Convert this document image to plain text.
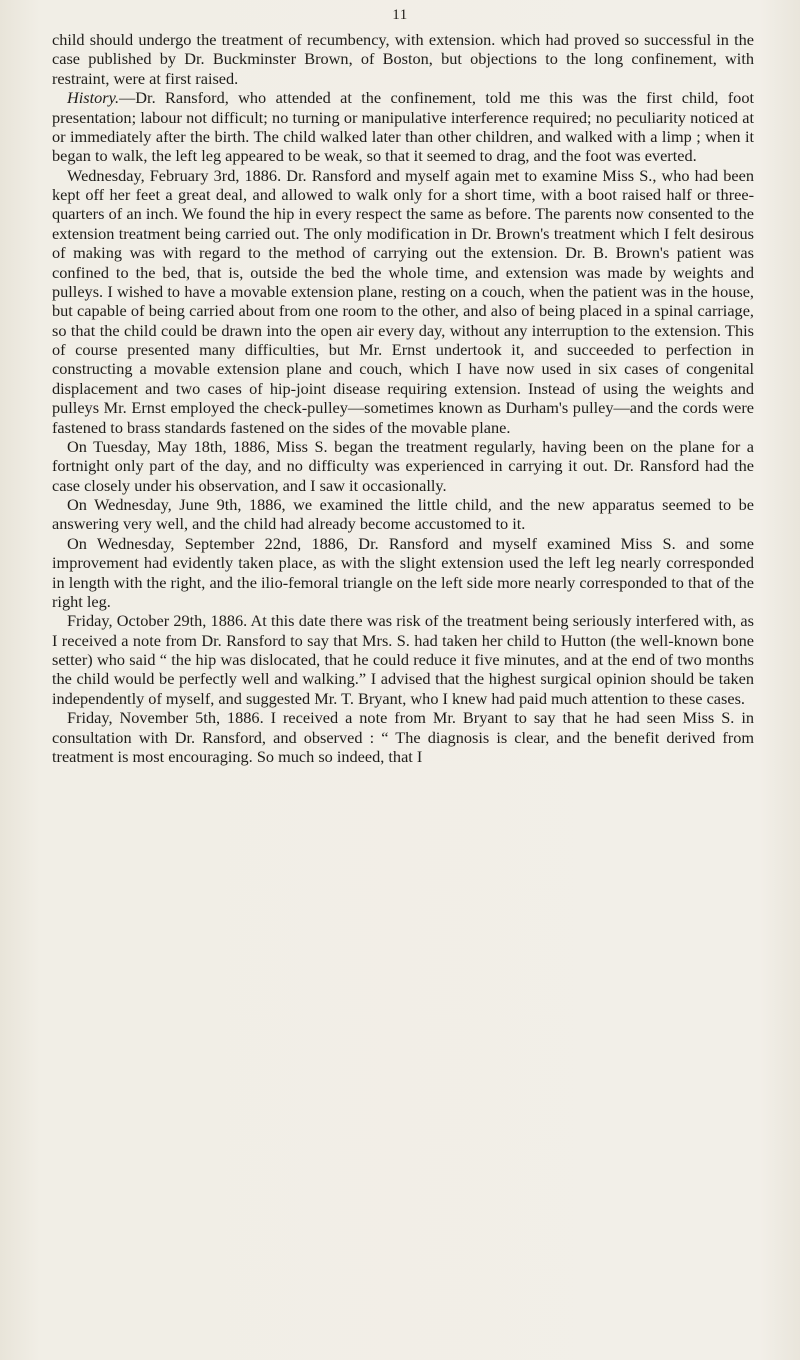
11

child should undergo the treatment of recumbency, with extension. which had proved so successful in the case published by Dr. Buckminster Brown, of Boston, but objections to the long confinement, with restraint, were at first raised.

History.—Dr. Ransford, who attended at the confinement, told me this was the first child, foot presentation; labour not difficult; no turning or manipulative interference required; no peculiarity noticed at or immediately after the birth. The child walked later than other children, and walked with a limp ; when it began to walk, the left leg appeared to be weak, so that it seemed to drag, and the foot was everted.

Wednesday, February 3rd, 1886. Dr. Ransford and myself again met to examine Miss S., who had been kept off her feet a great deal, and allowed to walk only for a short time, with a boot raised half or three-quarters of an inch. We found the hip in every respect the same as before. The parents now consented to the extension treatment being carried out. The only modification in Dr. Brown's treatment which I felt desirous of making was with regard to the method of carrying out the extension. Dr. B. Brown's patient was confined to the bed, that is, outside the bed the whole time, and extension was made by weights and pulleys. I wished to have a movable extension plane, resting on a couch, when the patient was in the house, but capable of being carried about from one room to the other, and also of being placed in a spinal carriage, so that the child could be drawn into the open air every day, without any interruption to the extension. This of course presented many difficulties, but Mr. Ernst undertook it, and succeeded to perfection in constructing a movable extension plane and couch, which I have now used in six cases of congenital displacement and two cases of hip-joint disease requiring extension. Instead of using the weights and pulleys Mr. Ernst employed the check-pulley—sometimes known as Durham's pulley—and the cords were fastened to brass standards fastened on the sides of the movable plane.

On Tuesday, May 18th, 1886, Miss S. began the treatment regularly, having been on the plane for a fortnight only part of the day, and no difficulty was experienced in carrying it out. Dr. Ransford had the case closely under his observation, and I saw it occasionally.

On Wednesday, June 9th, 1886, we examined the little child, and the new apparatus seemed to be answering very well, and the child had already become accustomed to it.

On Wednesday, September 22nd, 1886, Dr. Ransford and myself examined Miss S. and some improvement had evidently taken place, as with the slight extension used the left leg nearly corresponded in length with the right, and the ilio-femoral triangle on the left side more nearly corresponded to that of the right leg.

Friday, October 29th, 1886. At this date there was risk of the treatment being seriously interfered with, as I received a note from Dr. Ransford to say that Mrs. S. had taken her child to Hutton (the well-known bone setter) who said “ the hip was dislocated, that he could reduce it five minutes, and at the end of two months the child would be perfectly well and walking.” I advised that the highest surgical opinion should be taken independently of myself, and suggested Mr. T. Bryant, who I knew had paid much attention to these cases.

Friday, November 5th, 1886. I received a note from Mr. Bryant to say that he had seen Miss S. in consultation with Dr. Ransford, and observed : “ The diagnosis is clear, and the benefit derived from treatment is most encouraging. So much so indeed, that I
